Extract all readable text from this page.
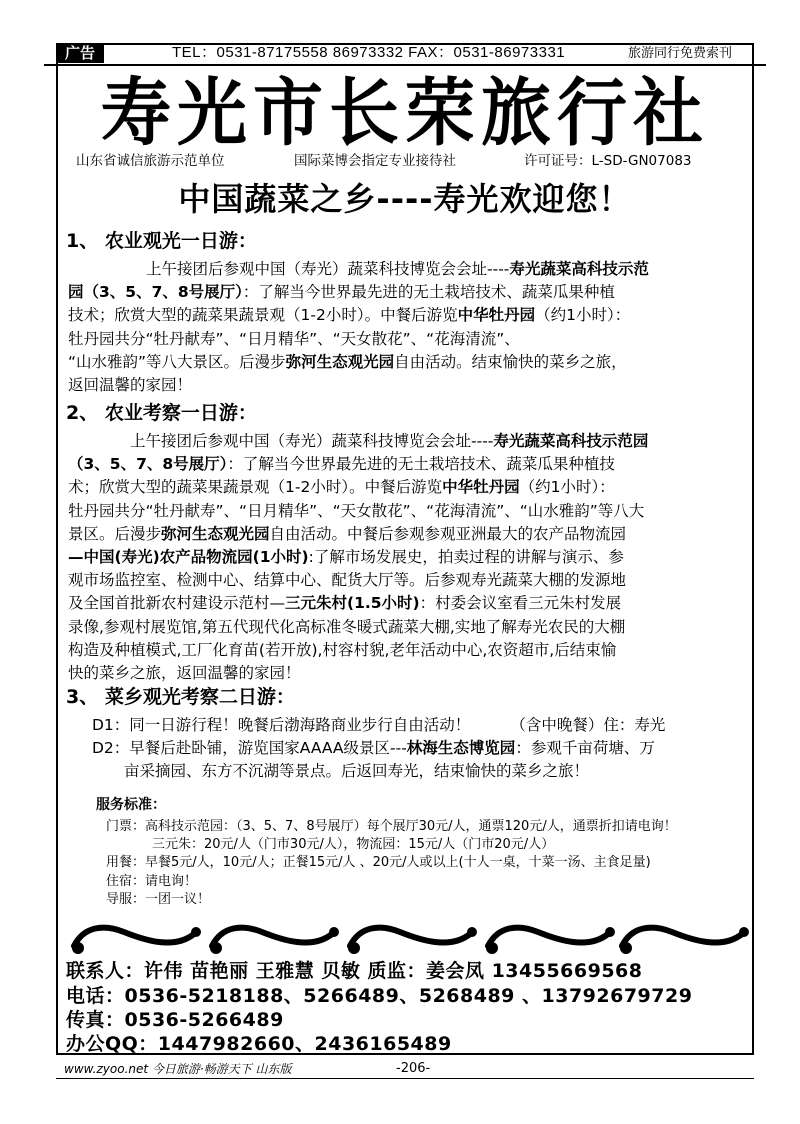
广告	TEL：0531-87175558 86973332 FAX：0531-86973331	旅游同行免费索刊
寿光市长荣旅行社
山东省诚信旅游示范单位	国际菜博会指定专业接待社	许可证号：L-SD-GN07083
中国蔬菜之乡----寿光欢迎您！
1、 农业观光一日游：
上午接团后参观中国（寿光）蔬菜科技博览会会址----寿光蔬菜高科技示范
园（3、5、7、8号展厅）：了解当今世界最先进的无土栽培技术、蔬菜瓜果种植
技术；欣赏大型的蔬菜果蔬景观（1-2小时）。中餐后游览中华牡丹园（约1小时）：
牡丹园共分“牡丹献寿”、“日月精华”、“天女散花”、“花海清流”、
“山水雅韵”等八大景区。后漫步弥河生态观光园自由活动。结束愉快的菜乡之旅，
返回温馨的家园！
2、 农业考察一日游：
上午接团后参观中国（寿光）蔬菜科技博览会会址----寿光蔬菜高科技示范园
（3、5、7、8号展厅）：了解当今世界最先进的无土栽培技术、蔬菜瓜果种植技
术；欣赏大型的蔬菜果蔬景观（1-2小时）。中餐后游览中华牡丹园（约1小时）：
牡丹园共分“牡丹献寿”、“日月精华”、“天女散花”、“花海清流”、“山水雅韵”等八大
景区。后漫步弥河生态观光园自由活动。中餐后参观参观亚洲最大的农产品物流园
—中国(寿光)农产品物流园(1小时):了解市场发展史，拍卖过程的讲解与演示、参
观市场监控室、检测中心、结算中心、配货大厅等。后参观寿光蔬菜大棚的发源地
及全国首批新农村建设示范村—三元朱村(1.5小时)：村委会议室看三元朱村发展
录像,参观村展览馆,第五代现代化高标准冬暖式蔬菜大棚,实地了解寿光农民的大棚
构造及种植模式,工厂化育苗(若开放),村容村貌,老年活动中心,农资超市,后结束愉
快的菜乡之旅，返回温馨的家园！
3、 菜乡观光考察二日游：
D1：同一日游行程！晚餐后渤海路商业步行自由活动！	（含中晚餐）住：寿光
D2：早餐后赴卧铺，游览国家AAAA级景区---林海生态博览园：参观千亩荷塘、万
亩采摘园、东方不沉湖等景点。后返回寿光，结束愉快的菜乡之旅！
服务标准：
门票：高科技示范园：（3、5、7、8号展厅）每个展厅30元/人，通票120元/人，通票折扣请电询！
三元朱：20元/人（门市30元/人），物流园：15元/人（门市20元/人）
用餐：早餐5元/人，10元/人；正餐15元/人 、20元/人或以上(十人一桌，十菜一汤、主食足量)
住宿：请电询！
导服：一团一议！
联系人：许伟 苗艳丽 王雅慧 贝敏 质监：姜会凤 13455669568
电话：0536-5218188、5266489、5268489 、13792679729
传真：0536-5266489
办公QQ：1447982660、2436165489
www.zyoo.net 今日旅游·畅游天下 山东版	-206-
